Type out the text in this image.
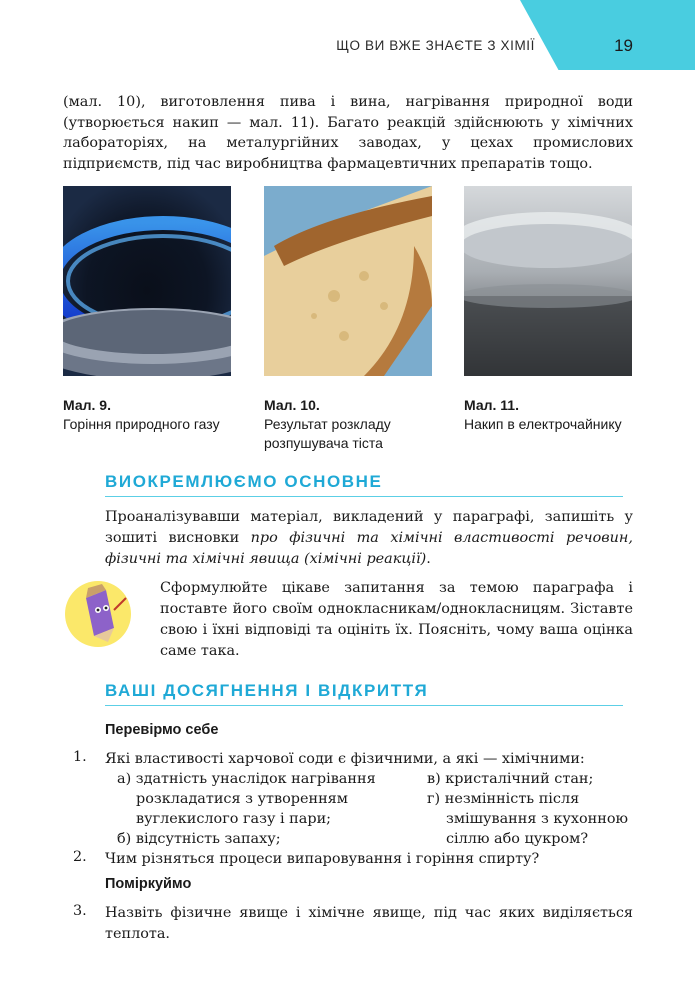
ЩО ВИ ВЖЕ ЗНАЄТЕ З ХІМІЇ	19
(мал. 10), виготовлення пива і вина, нагрівання природної води (утворюється накип — мал. 11). Багато реакцій здійснюють у хімічних лабораторіях, на металургійних заводах, у цехах промислових підприємств, під час виробництва фармацевтичних препаратів тощо.
Мал. 9.
Горіння природного газу
Мал. 10.
Результат розкладу розпушувача тіста
Мал. 11.
Накип в електрочайнику
ВИОКРЕМЛЮЄМО ОСНОВНЕ
Проаналізувавши матеріал, викладений у параграфі, запишіть у зошиті висновки про фізичні та хімічні властивості речовин, фізичні та хімічні явища (хімічні реакції).
Сформулюйте цікаве запитання за темою параграфа і поставте його своїм однокласникам/однокласницям. Зіставте свою і їхні відповіді та оцініть їх. Поясніть, чому ваша оцінка саме така.
ВАШІ ДОСЯГНЕННЯ І ВІДКРИТТЯ
Перевірмо себе
1. Які властивості харчової соди є фізичними, а які — хімічними:
а) здатність унаслідок нагрівання
розкладатися з утворенням
вуглекислого газу і пари;
б) відсутність запаху;
в) кристалічний стан;
г) незмінність після
змішування з кухонною
сіллю або цукром?
2. Чим різняться процеси випаровування і горіння спирту?
Поміркуймо
3. Назвіть фізичне явище і хімічне явище, під час яких виділяється теплота.
